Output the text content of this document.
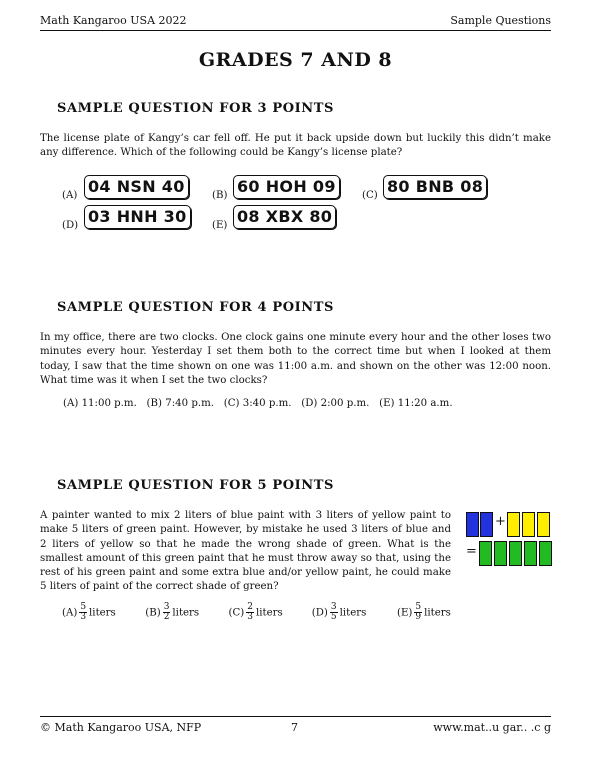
Math Kangaroo USA 2022	Sample Questions
GRADES 7 AND 8
SAMPLE QUESTION FOR 3 POINTS
The license plate of Kangy’s car fell off. He put it back upside down but luckily this didn’t make any difference. Which of the following could be Kangy’s license plate?
(A) 04 NSN 40	(B) 60 HOH 09	(C) 80 BNB 08
(D) 03 HNH 30	(E) 08 XBX 80
SAMPLE QUESTION FOR 4 POINTS
In my office, there are two clocks. One clock gains one minute every hour and the other loses two minutes every hour. Yesterday I set them both to the correct time but when I looked at them today, I saw that the time shown on one was 11:00 a.m. and shown on the other was 12:00 noon. What time was it when I set the two clocks?
(A) 11:00 p.m. (B) 7:40 p.m. (C) 3:40 p.m. (D) 2:00 p.m. (E) 11:20 a.m.
SAMPLE QUESTION FOR 5 POINTS
A painter wanted to mix 2 liters of blue paint with 3 liters of yellow paint to make 5 liters of green paint. However, by mistake he used 3 liters of blue and 2 liters of yellow so that he made the wrong shade of green. What is the smallest amount of this green paint that he must throw away so that, using the rest of his green paint and some extra blue and/or yellow paint, he could make 5 liters of paint of the correct shade of green?
+
=
$(A) \frac{5}{3}$ liters	$(B) \frac{3}{2}$ liters	$(C) \frac{2}{3}$ liters	$(D) \frac{3}{5}$ liters	$(E) \frac{5}{9}$ liters
© Math Kangaroo USA, NFP	7	www.mat..u gar.. .c g
